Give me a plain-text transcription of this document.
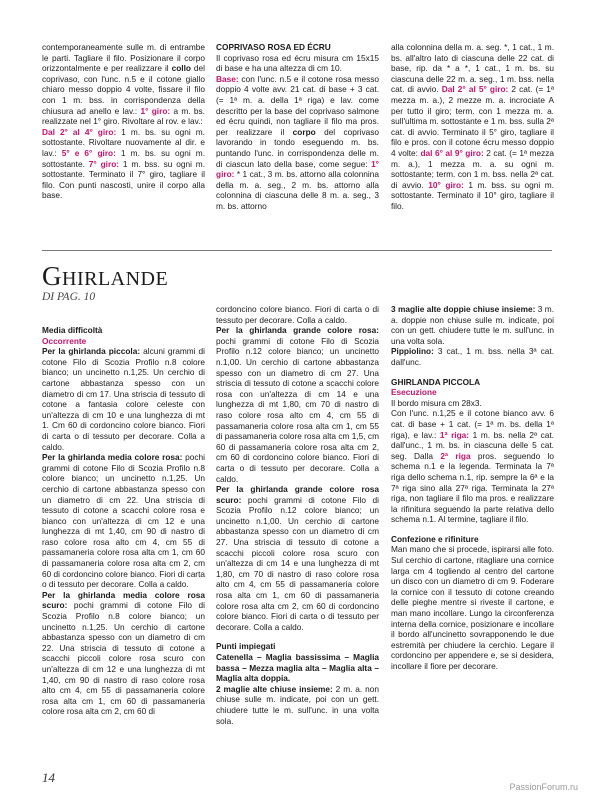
contemporaneamente sulle m. di entrambe le parti. Tagliare il filo. Posizionare il corpo orizzontalmente e per realizzare il collo del coprivaso, con l'unc. n.5 e il cotone giallo chiaro messo doppio 4 volte, fissare il filo con 1 m. bss. in corrispondenza della chiusura ad anello e lav.: 1° giro: a m. bs. realizzate nel 1° giro. Rivoltare al rov. e lav.:

Dal 2° al 4° giro: 1 m. bs. su ogni m. sottostante. Rivoltare nuovamente al dir. e lav.: 5° e 6° giro: 1 m. bs. su ogni m. sottostante. 7° giro: 1 m. bss. su ogni m. sottostante. Terminato il 7° giro, tagliare il filo. Con punti nascosti, unire il corpo alla base.

COPRIVASO ROSA ED ÉCRU

Il coprivaso rosa ed écru misura cm 15x15 di base e ha una altezza di cm 10.

Base: con l'unc. n.5 e il cotone rosa messo doppio 4 volte avv. 21 cat. di base + 3 cat. (= 1ª m. a. della 1ª riga) e lav. come descritto per la base del coprivaso salmone ed écru quindi, non tagliare il filo ma pros. per realizzare il corpo del coprivaso lavorando in tondo eseguendo m. bs. puntando l'unc. in corrispondenza delle m. di ciascun lato della base, come segue: 1° giro: * 1 cat., 3 m. bs. attorno alla colonnina della m. a. seg., 2 m. bs. attorno alla colonnina di ciascuna delle 8 m. a. seg., 3 m. bs. attorno

alla colonnina della m. a. seg. *, 1 cat., 1 m. bs. all'altro lato di ciascuna delle 22 cat. di base, rip. da * a *, 1 cat., 1 m. bs. su ciascuna delle 22 m. a. seg., 1 m. bss. nella cat. di avvio. Dal 2° al 5° giro: 2 cat. (= 1ª mezza m. a.), 2 mezze m. a. incrociate A per tutto il giro; term. con 1 mezza m. a. sull'ultima m. sottostante e 1 m. bss. sulla 2ª cat. di avvio. Terminato il 5° giro, tagliare il filo e pros. con il cotone écru messo doppio 4 volte: dal 6° al 9° giro: 2 cat. (= 1ª mezza m. a.), 1 mezza m. a. su ogni m. sottostante; term. con 1 m. bss. nella 2ª cat. di avvio. 10° giro: 1 m. bss. su ogni m. sottostante. Terminato il 10° giro, tagliare il filo.

GHIRLANDE
DI PAG. 10

Media difficoltà

Occorrente

Per la ghirlanda piccola: alcuni grammi di cotone Filo di Scozia Profilo n.8 colore bianco; un uncinetto n.1,25. Un cerchio di cartone abbastanza spesso con un diametro di cm 17. Una striscia di tessuto di cotone a fantasia colore celeste con un'altezza di cm 10 e una lunghezza di mt 1. Cm 60 di cordoncino colore bianco. Fiori di carta o di tessuto per decorare. Colla a caldo.

Per la ghirlanda media colore rosa: pochi grammi di cotone Filo di Scozia Profilo n.8 colore bianco; un uncinetto n.1,25. Un cerchio di cartone abbastanza spesso con un diametro di cm 22. Una striscia di tessuto di cotone a scacchi colore rosa e bianco con un'altezza di cm 12 e una lunghezza di mt 1,40, cm 90 di nastro di raso colore rosa alto cm 4, cm 55 di passamaneria colore rosa alta cm 1, cm 60 di passamaneria colore rosa alta cm 2, cm 60 di cordoncino colore bianco. Fiori di carta o di tessuto per decorare. Colla a caldo.

Per la ghirlanda media colore rosa scuro: pochi grammi di cotone Filo di Scozia Profilo n.8 colore bianco; un uncinetto n.1,25. Un cerchio di cartone abbastanza spesso con un diametro di cm 22. Una striscia di tessuto di cotone a scacchi piccoli colore rosa scuro con un'altezza di cm 12 e una lunghezza di mt 1,40, cm 90 di nastro di raso colore rosa alto cm 4, cm 55 di passamaneria colore rosa alta cm 1, cm 60 di passamaneria colore rosa alta cm 2, cm 60 di

cordoncino colore bianco. Fiori di carta o di tessuto per decorare. Colla a caldo.

Per la ghirlanda grande colore rosa: pochi grammi di cotone Filo di Scozia Profilo n.12 colore bianco; un uncinetto n.1,00. Un cerchio di cartone abbastanza spesso con un diametro di cm 27. Una striscia di tessuto di cotone a scacchi colore rosa con un'altezza di cm 14 e una lunghezza di mt 1,80, cm 70 di nastro di raso colore rosa alto cm 4, cm 55 di passamaneria colore rosa alta cm 1, cm 55 di passamaneria colore rosa alta cm 1,5, cm 60 di passamaneria colore rosa alta cm 2, cm 60 di cordoncino colore bianco. Fiori di carta o di tessuto per decorare. Colla a caldo.

Per la ghirlanda grande colore rosa scuro: pochi grammi di cotone Filo di Scozia Profilo n.12 colore bianco; un uncinetto n.1,00. Un cerchio di cartone abbastanza spesso con un diametro di cm 27. Una striscia di tessuto di cotone a scacchi piccoli colore rosa scuro con un'altezza di cm 14 e una lunghezza di mt 1,80, cm 70 di nastro di raso colore rosa alto cm 4, cm 55 di passamaneria colore rosa alta cm 1, cm 60 di passamaneria colore rosa alta cm 2, cm 60 di cordoncino colore bianco. Fiori di carta o di tessuto per decorare. Colla a caldo.

Punti impiegati

Catenella – Maglia bassissima – Maglia bassa – Mezza maglia alta – Maglia alta – Maglia alta doppia.

2 maglie alte chiuse insieme: 2 m. a. non chiuse sulle m. indicate, poi con un gett. chiudere tutte le m. sull'unc. in una volta sola.

3 maglie alte doppie chiuse insieme: 3 m. a. doppie non chiuse sulle m. indicate, poi con un gett. chiudere tutte le m. sull'unc. in una volta sola.

Pippiolino: 3 cat., 1 m. bss. nella 3ª cat. dall'unc.

GHIRLANDA PICCOLA

Esecuzione

Il bordo misura cm 28x3.

Con l'unc. n.1,25 e il cotone bianco avv. 6 cat. di base + 1 cat. (= 1ª m. bs. della 1ª riga), e lav.: 1ª riga: 1 m. bs. nella 2ª cat. dall'unc., 1 m. bs. in ciascuna delle 5 cat. seg. Dalla 2ª riga pros. seguendo lo schema n.1 e la legenda. Terminata la 7ª riga dello schema n.1, rip. sempre la 6ª e la 7ª riga sino alla 27ª riga. Terminata la 27ª riga, non tagliare il filo ma pros. e realizzare la rifinitura seguendo la parte relativa dello schema n.1. Al termine, tagliare il filo.

Confezione e rifiniture

Man mano che si procede, ispirarsi alle foto. Sul cerchio di cartone, ritagliare una cornice larga cm 4 togliendo al centro del cartone un disco con un diametro di cm 9. Foderare la cornice con il tessuto di cotone creando delle pieghe mentre si riveste il cartone, e man mano incollare. Lungo la circonferenza interna della cornice, posizionare e incollare il bordo all'uncinetto sovrapponendo le due estremità per chiudere la cerchio. Legare il cordoncino per appendere e, se si desidera, incollare il fiore per decorare.

14
PassionForum.ru
